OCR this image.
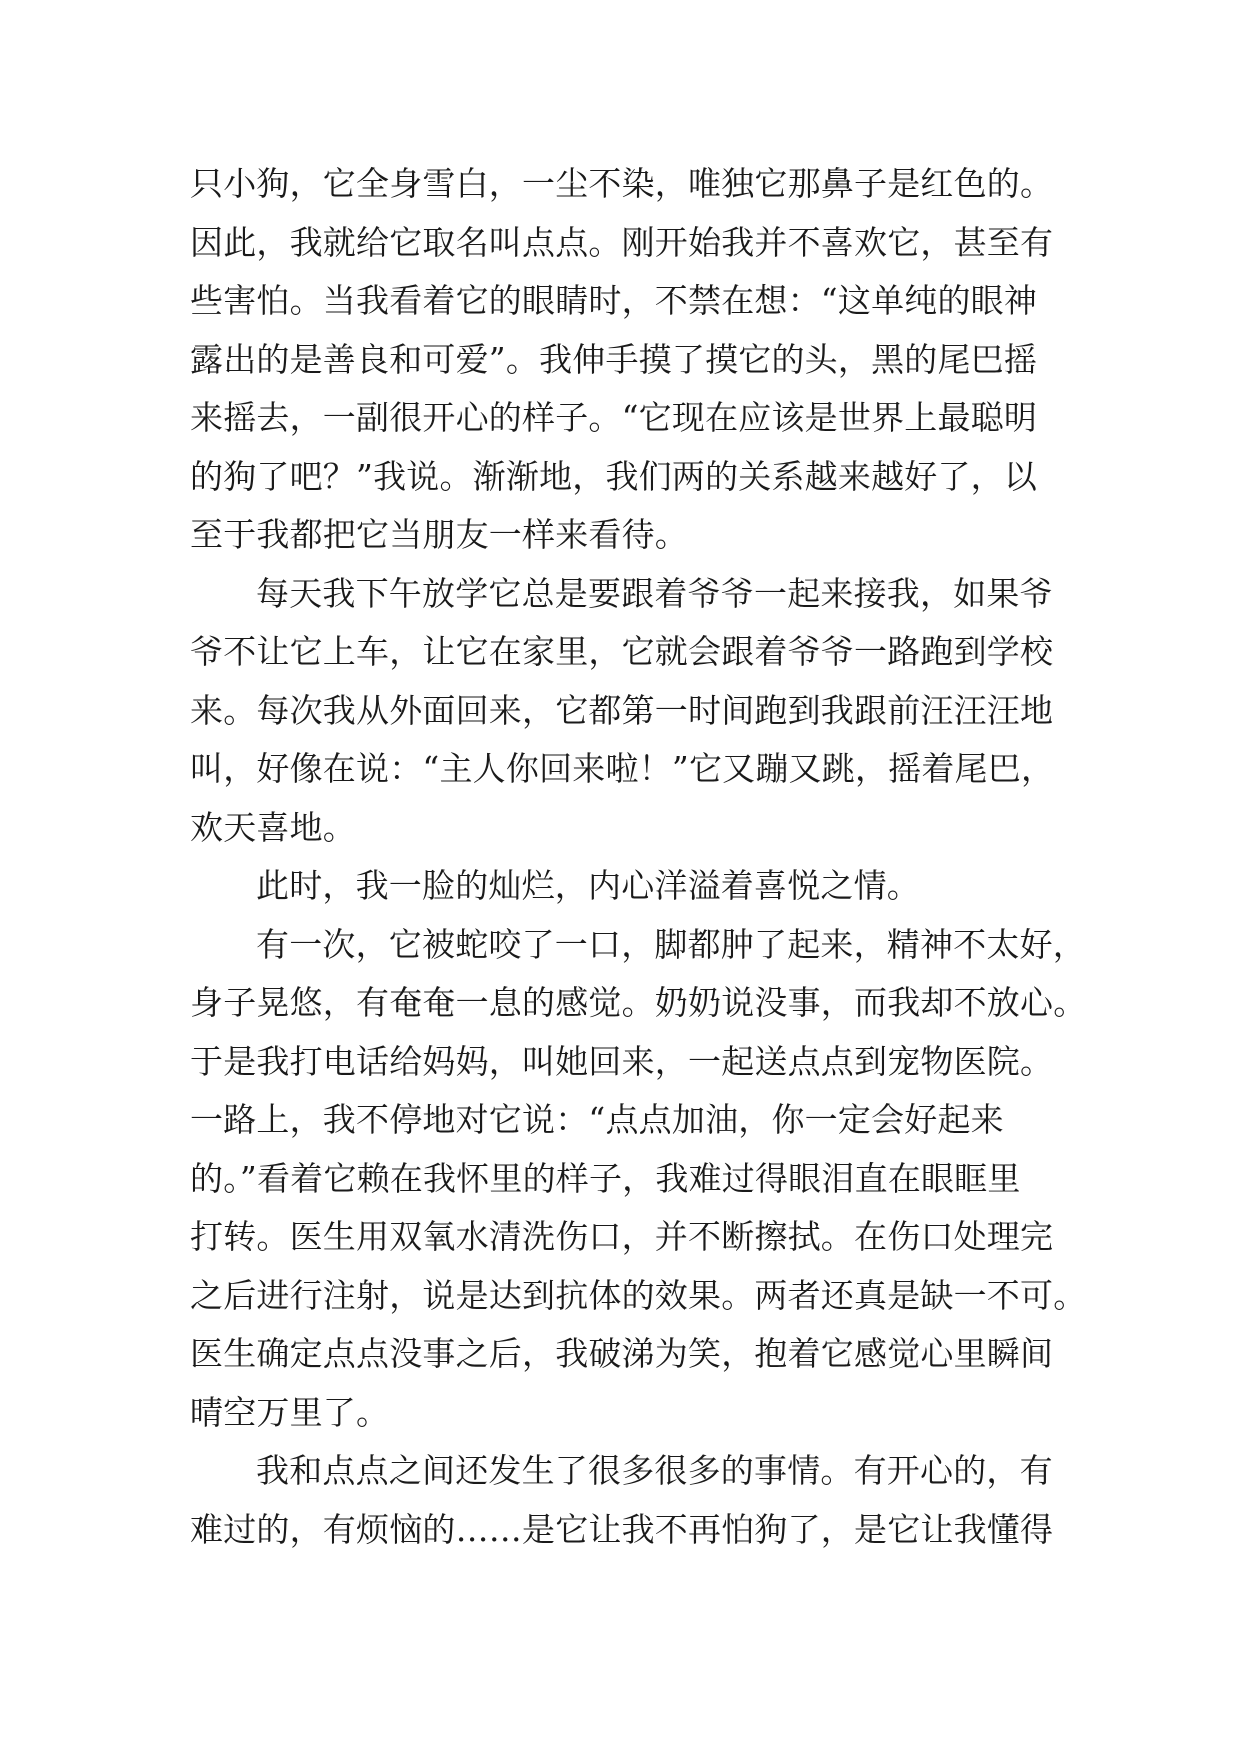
只小狗，它全身雪白，一尘不染，唯独它那鼻子是红色的。
因此，我就给它取名叫点点。刚开始我并不喜欢它，甚至有
些害怕。当我看着它的眼睛时，不禁在想：“这单纯的眼神
露出的是善良和可爱”。我伸手摸了摸它的头，黑的尾巴摇
来摇去，一副很开心的样子。“它现在应该是世界上最聪明
的狗了吧？”我说。渐渐地，我们两的关系越来越好了，以
至于我都把它当朋友一样来看待。
每天我下午放学它总是要跟着爷爷一起来接我，如果爷
爷不让它上车，让它在家里，它就会跟着爷爷一路跑到学校
来。每次我从外面回来，它都第一时间跑到我跟前汪汪汪地
叫，好像在说：“主人你回来啦！”它又蹦又跳，摇着尾巴，
欢天喜地。
此时，我一脸的灿烂，内心洋溢着喜悦之情。
有一次，它被蛇咬了一口，脚都肿了起来，精神不太好，
身子晃悠，有奄奄一息的感觉。奶奶说没事，而我却不放心。
于是我打电话给妈妈，叫她回来，一起送点点到宠物医院。
一路上，我不停地对它说：“点点加油，你一定会好起来
的。”看着它赖在我怀里的样子，我难过得眼泪直在眼眶里
打转。医生用双氧水清洗伤口，并不断擦拭。在伤口处理完
之后进行注射，说是达到抗体的效果。两者还真是缺一不可。
医生确定点点没事之后，我破涕为笑，抱着它感觉心里瞬间
晴空万里了。
我和点点之间还发生了很多很多的事情。有开心的，有
难过的，有烦恼的……是它让我不再怕狗了，是它让我懂得
